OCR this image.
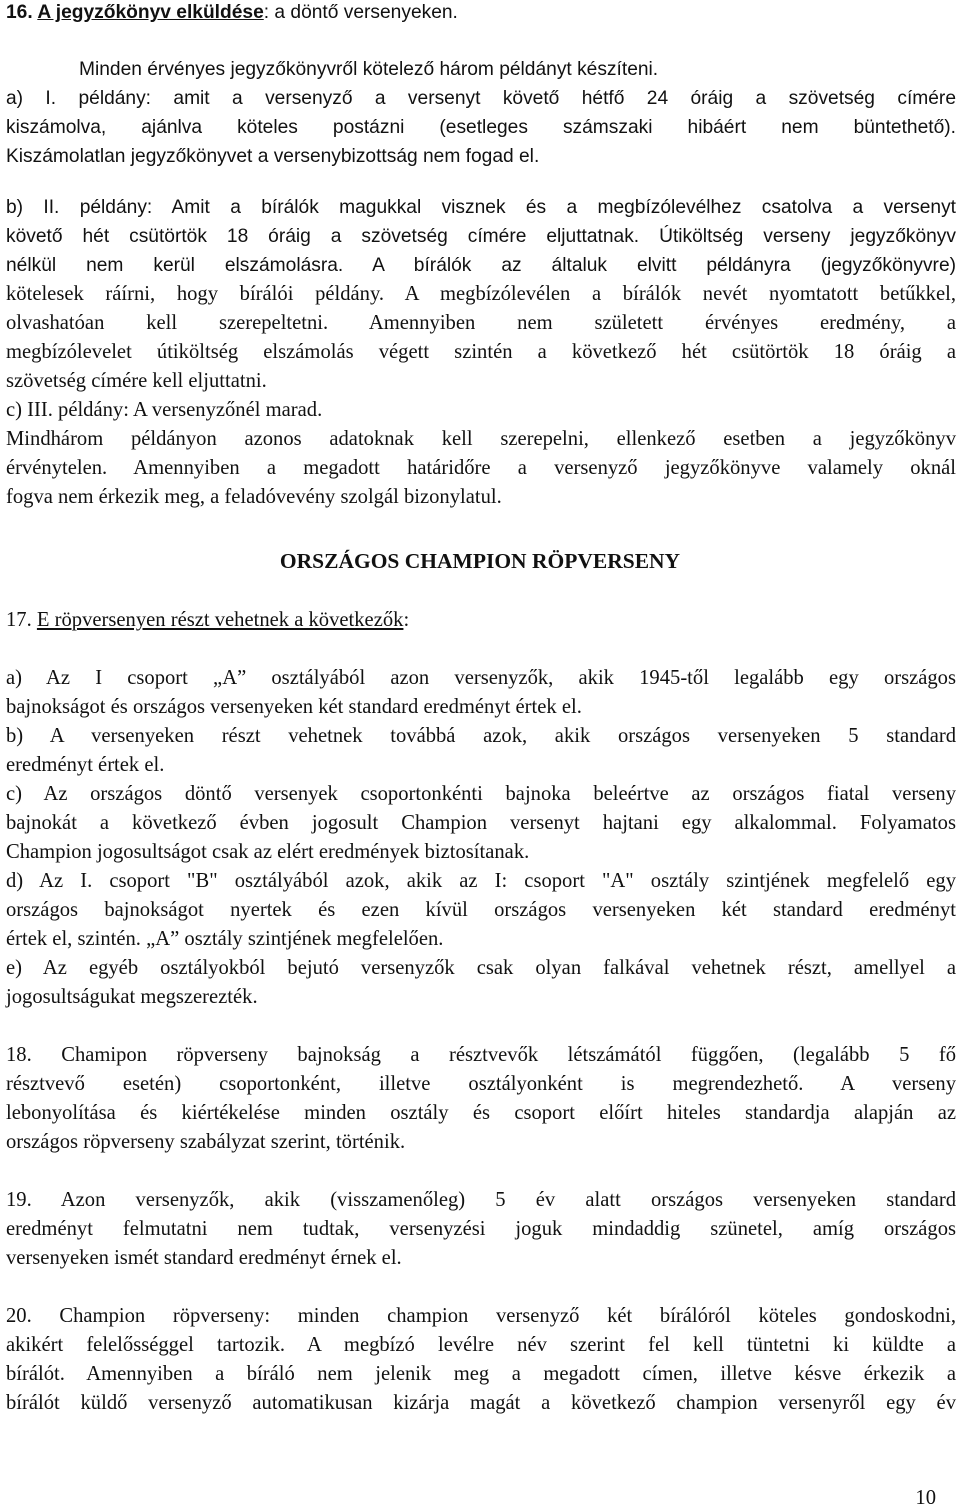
16. A jegyzőkönyv elküldése: a döntő versenyeken.
Minden érvényes jegyzőkönyvről kötelező három példányt készíteni.
a) I. példány: amit a versenyző a versenyt követő hétfő 24 óráig a szövetség címére
kiszámolva, ajánlva köteles postázni (esetleges számszaki hibáért nem büntethető).
Kiszámolatlan jegyzőkönyvet a versenybizottság nem fogad el.
b) II. példány: Amit a bírálók magukkal visznek és a megbízólevélhez csatolva a versenyt
követő hét csütörtök 18 óráig a szövetség címére eljuttatnak. Útiköltség verseny jegyzőkönyv
nélkül nem kerül elszámolásra. A bírálók az általuk elvitt példányra (jegyzőkönyvre)
kötelesek ráírni, hogy bírálói példány. A megbízólevélen a bírálók nevét nyomtatott betűkkel,
olvashatóan kell szerepeltetni. Amennyiben nem született érvényes eredmény, a
megbízólevelet útiköltség elszámolás végett szintén a következő hét csütörtök 18 óráig a
szövetség címére kell eljuttatni.
c) III. példány: A versenyzőnél marad.
Mindhárom példányon azonos adatoknak kell szerepelni, ellenkező esetben a jegyzőkönyv
érvénytelen. Amennyiben a megadott határidőre a versenyző jegyzőkönyve valamely oknál
fogva nem érkezik meg, a feladóvevény szolgál bizonylatul.
ORSZÁGOS CHAMPION RÖPVERSENY
17. E röpversenyen részt vehetnek a következők:
a) Az I csoport „A” osztályából azon versenyzők, akik 1945-től legalább egy országos
bajnokságot és országos versenyeken két standard eredményt értek el.
b) A versenyeken részt vehetnek továbbá azok, akik országos versenyeken 5 standard
eredményt értek el.
c) Az országos döntő versenyek csoportonkénti bajnoka beleértve az országos fiatal verseny
bajnokát a következő évben jogosult Champion versenyt hajtani egy alkalommal. Folyamatos
Champion jogosultságot csak az elért eredmények biztosítanak.
d) Az I. csoport "B" osztályából azok, akik az I: csoport "A" osztály szintjének megfelelő egy
országos bajnokságot nyertek és ezen kívül országos versenyeken két standard eredményt
értek el, szintén. „A” osztály szintjének megfelelően.
e) Az egyéb osztályokból bejutó versenyzők csak olyan falkával vehetnek részt, amellyel a
jogosultságukat megszerezték.
18. Chamipon röpverseny bajnokság a résztvevők létszámától függően, (legalább 5 fő
résztvevő esetén) csoportonként, illetve osztályonként is megrendezhető. A verseny
lebonyolítása és kiértékelése minden osztály és csoport előírt hiteles standardja alapján az
országos röpverseny szabályzat szerint, történik.
19. Azon versenyzők, akik (visszamenőleg) 5 év alatt országos versenyeken standard
eredményt felmutatni nem tudtak, versenyzési joguk mindaddig szünetel, amíg országos
versenyeken ismét standard eredményt érnek el.
20. Champion röpverseny: minden champion versenyző két bírálóról köteles gondoskodni,
akikért felelősséggel tartozik. A megbízó levélre név szerint fel kell tüntetni ki küldte a
bírálót. Amennyiben a bíráló nem jelenik meg a megadott címen, illetve késve érkezik a
bírálót küldő versenyző automatikusan kizárja magát a következő champion versenyről egy év
10
